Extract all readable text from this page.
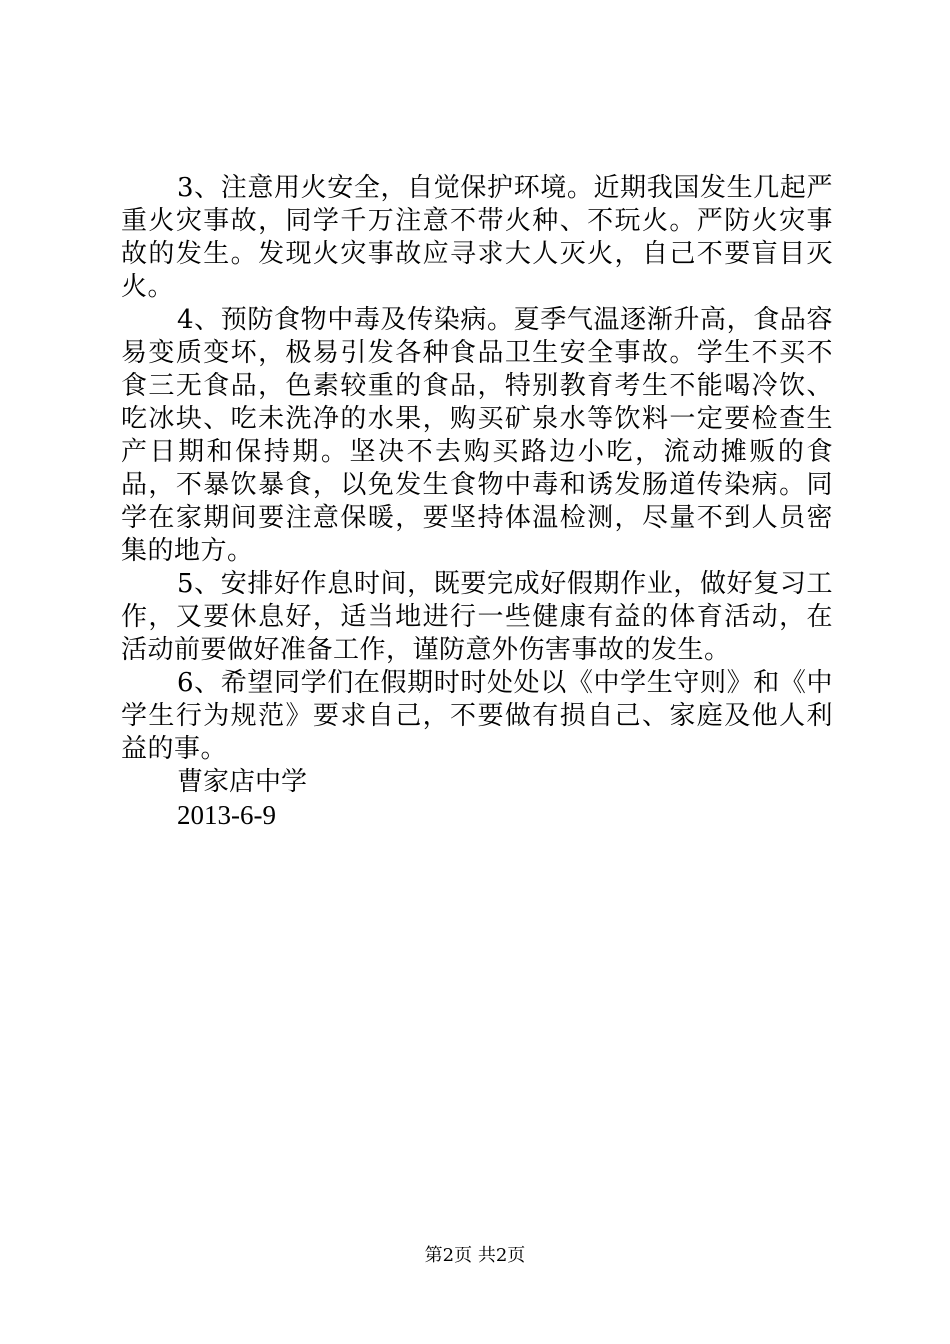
3、注意用火安全，自觉保护环境。近期我国发生几起严重火灾事故，同学千万注意不带火种、不玩火。严防火灾事故的发生。发现火灾事故应寻求大人灭火，自己不要盲目灭火。

4、预防食物中毒及传染病。夏季气温逐渐升高，食品容易变质变坏，极易引发各种食品卫生安全事故。学生不买不食三无食品，色素较重的食品，特别教育考生不能喝冷饮、吃冰块、吃未洗净的水果，购买矿泉水等饮料一定要检查生产日期和保持期。坚决不去购买路边小吃，流动摊贩的食品，不暴饮暴食，以免发生食物中毒和诱发肠道传染病。同学在家期间要注意保暖，要坚持体温检测，尽量不到人员密集的地方。

5、安排好作息时间，既要完成好假期作业，做好复习工作，又要休息好，适当地进行一些健康有益的体育活动，在活动前要做好准备工作，谨防意外伤害事故的发生。

6、希望同学们在假期时时处处以《中学生守则》和《中学生行为规范》要求自己，不要做有损自己、家庭及他人利益的事。

曹家店中学

2013-6-9

第2页 共2页
